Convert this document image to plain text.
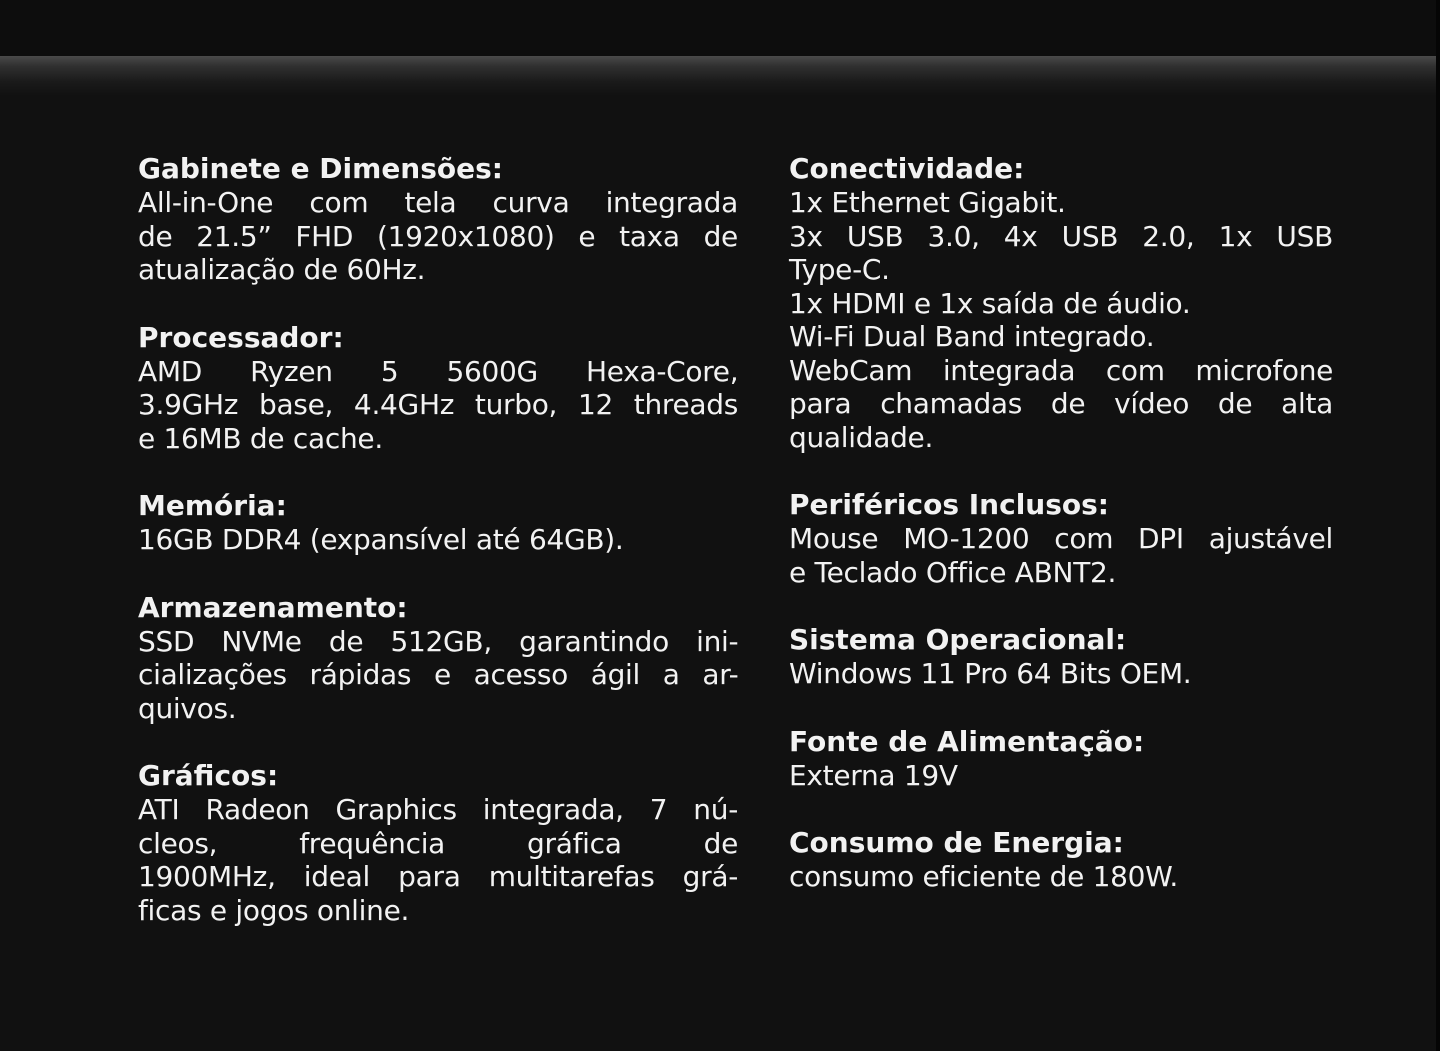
Gabinete e Dimensões:
All-in-One com tela curva integrada
de 21.5” FHD (1920x1080) e taxa de
atualização de 60Hz.
Processador:
AMD Ryzen 5 5600G Hexa-Core,
3.9GHz base, 4.4GHz turbo, 12 threads
e 16MB de cache.
Memória:
16GB DDR4 (expansível até 64GB).
Armazenamento:
SSD NVMe de 512GB, garantindo ini-
cializações rápidas e acesso ágil a ar-
quivos.
Gráficos:
ATI Radeon Graphics integrada, 7 nú-
cleos, frequência gráfica de
1900MHz, ideal para multitarefas grá-
ficas e jogos online.
Conectividade:
1x Ethernet Gigabit.
3x USB 3.0, 4x USB 2.0, 1x USB
Type-C.
1x HDMI e 1x saída de áudio.
Wi-Fi Dual Band integrado.
WebCam integrada com microfone
para chamadas de vídeo de alta
qualidade.
Periféricos Inclusos:
Mouse MO-1200 com DPI ajustável
e Teclado Office ABNT2.
Sistema Operacional:
Windows 11 Pro 64 Bits OEM.
Fonte de Alimentação:
Externa 19V
Consumo de Energia:
consumo eficiente de 180W.
